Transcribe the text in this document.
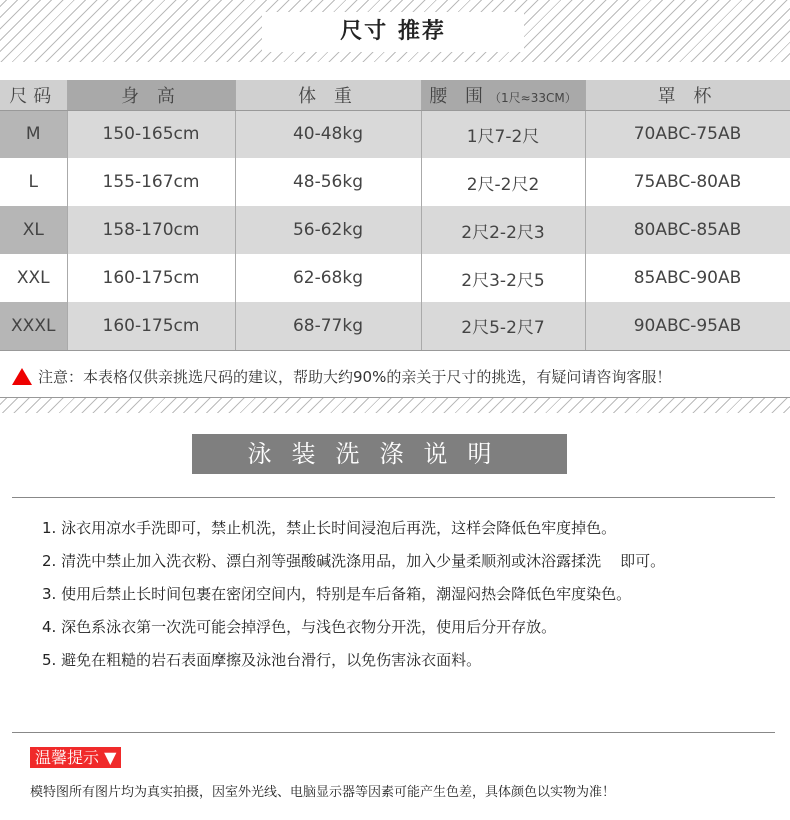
尺寸 推荐
尺码	身 高	体 重	腰 围（1尺≈33CM）	罩 杯
M	150-165cm	40-48kg	1尺7-2尺	70ABC-75AB
L	155-167cm	48-56kg	2尺-2尺2	75ABC-80AB
XL	158-170cm	56-62kg	2尺2-2尺3	80ABC-85AB
XXL	160-175cm	62-68kg	2尺3-2尺5	85ABC-90AB
XXXL	160-175cm	68-77kg	2尺5-2尺7	90ABC-95AB
注意：本表格仅供亲挑选尺码的建议，帮助大约90%的亲关于尺寸的挑选，有疑问请咨询客服！
泳装洗涤说明
1. 泳衣用凉水手洗即可，禁止机洗，禁止长时间浸泡后再洗，这样会降低色牢度掉色。
2. 清洗中禁止加入洗衣粉、漂白剂等强酸碱洗涤用品，加入少量柔顺剂或沐浴露揉洗    即可。
3. 使用后禁止长时间包裹在密闭空间内，特别是车后备箱，潮湿闷热会降低色牢度染色。
4. 深色系泳衣第一次洗可能会掉浮色，与浅色衣物分开洗，使用后分开存放。
5. 避免在粗糙的岩石表面摩擦及泳池台滑行，以免伤害泳衣面料。
温馨提示 ▼
模特图所有图片均为真实拍摄，因室外光线、电脑显示器等因素可能产生色差，具体颜色以实物为准！
